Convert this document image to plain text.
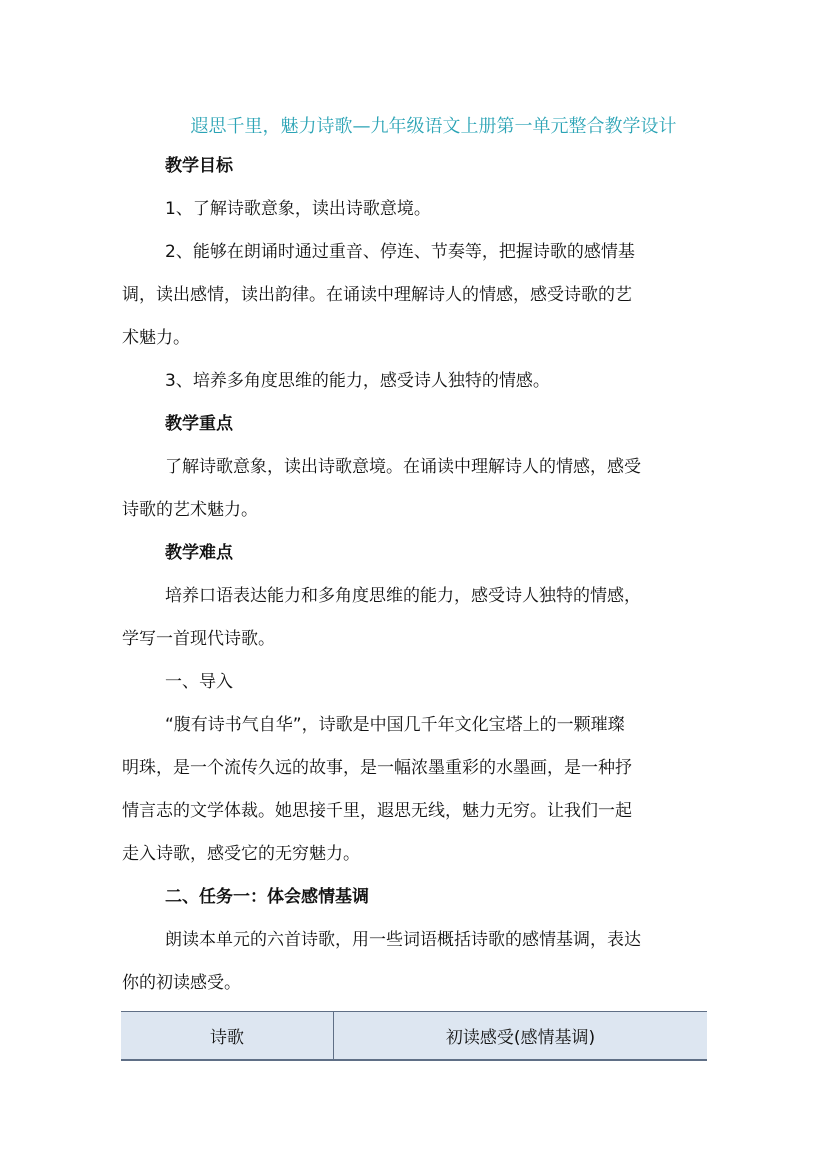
遐思千里，魅力诗歌—九年级语文上册第一单元整合教学设计
教学目标
1、了解诗歌意象，读出诗歌意境。
2、能够在朗诵时通过重音、停连、节奏等，把握诗歌的感情基
调，读出感情，读出韵律。在诵读中理解诗人的情感，感受诗歌的艺
术魅力。
3、培养多角度思维的能力，感受诗人独特的情感。
教学重点
了解诗歌意象，读出诗歌意境。在诵读中理解诗人的情感，感受
诗歌的艺术魅力。
教学难点
培养口语表达能力和多角度思维的能力，感受诗人独特的情感，
学写一首现代诗歌。
一、导入
“腹有诗书气自华”，诗歌是中国几千年文化宝塔上的一颗璀璨
明珠，是一个流传久远的故事，是一幅浓墨重彩的水墨画，是一种抒
情言志的文学体裁。她思接千里，遐思无线，魅力无穷。让我们一起
走入诗歌，感受它的无穷魅力。
二、任务一：体会感情基调
朗读本单元的六首诗歌，用一些词语概括诗歌的感情基调，表达
你的初读感受。
诗歌	初读感受(感情基调)
